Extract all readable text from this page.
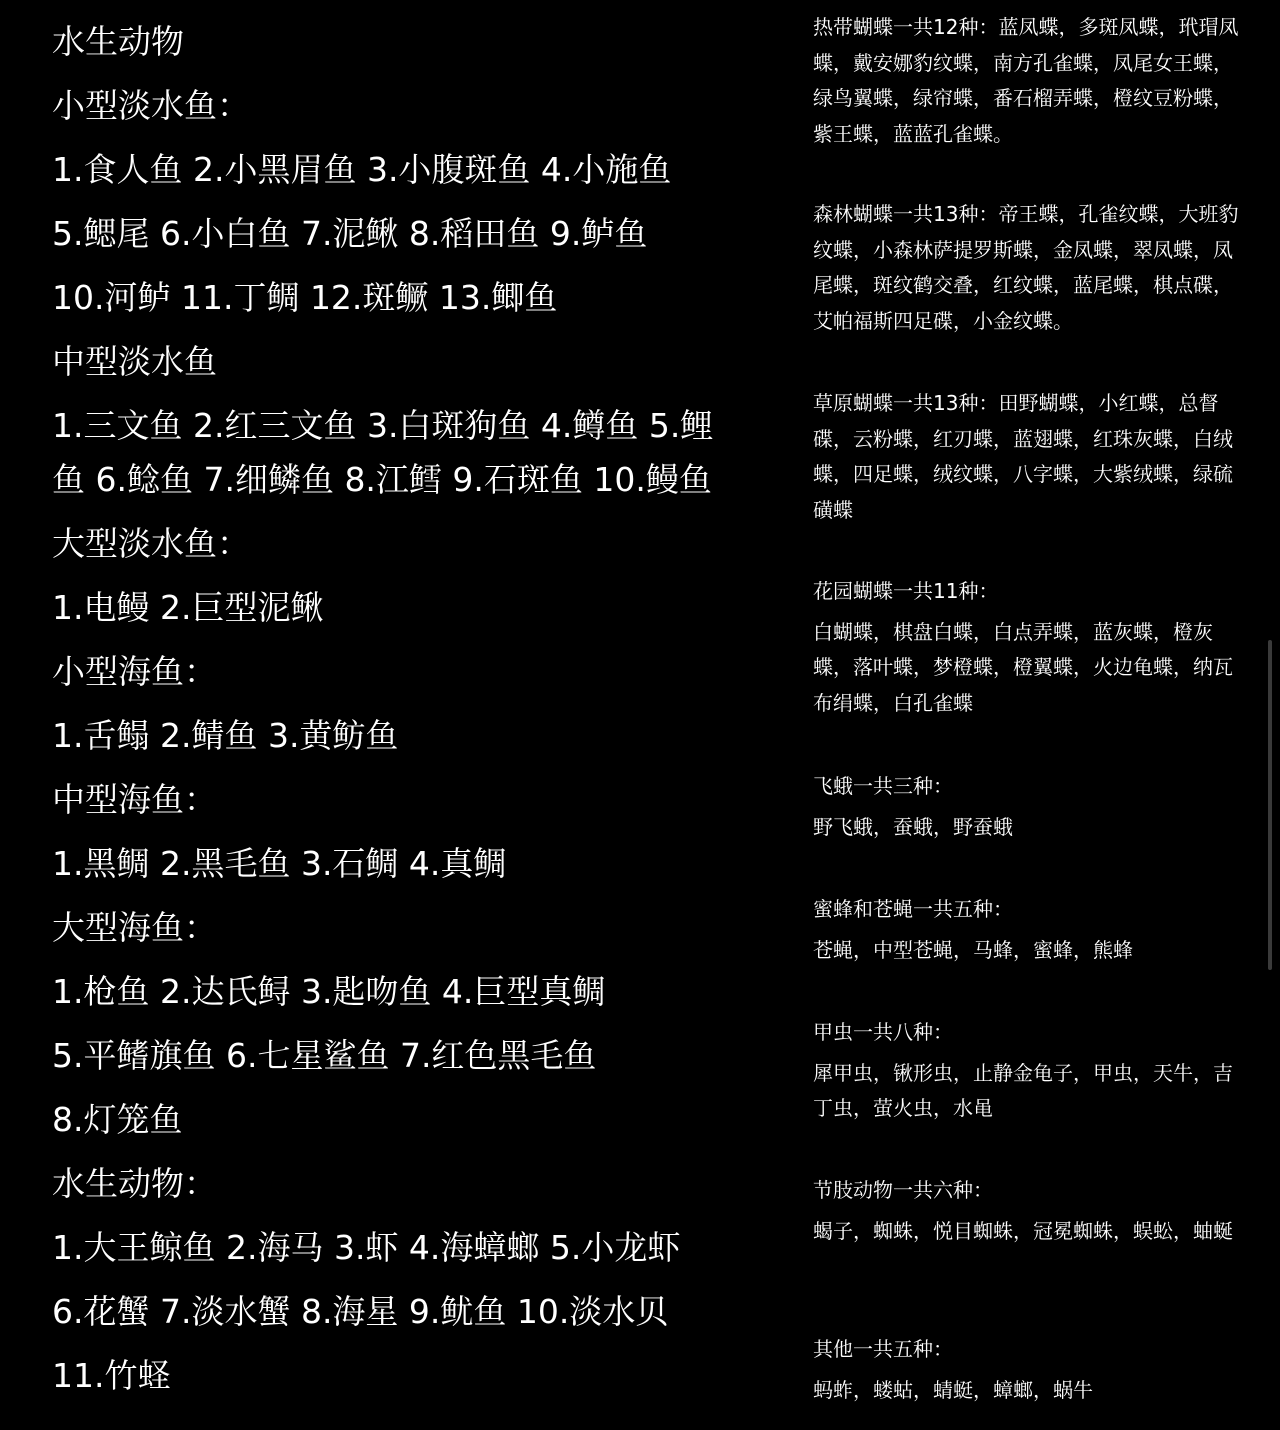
水生动物
小型淡水鱼：
1.食人鱼 2.小黑眉鱼 3.小腹斑鱼 4.小施鱼
5.鳃尾 6.小白鱼 7.泥鳅 8.稻田鱼 9.鲈鱼
10.河鲈 11.丁鲷 12.斑鳜 13.鲫鱼
中型淡水鱼
1.三文鱼 2.红三文鱼 3.白斑狗鱼 4.鳟鱼 5.鲤鱼 6.鲶鱼 7.细鳞鱼 8.江鳕 9.石斑鱼 10.鳗鱼
大型淡水鱼：
1.电鳗 2.巨型泥鳅
小型海鱼：
1.舌鳎 2.鲭鱼 3.黄鲂鱼
中型海鱼：
1.黑鲷 2.黑毛鱼 3.石鲷 4.真鲷
大型海鱼：
1.枪鱼 2.达氏鲟 3.匙吻鱼 4.巨型真鲷
5.平鳍旗鱼 6.七星鲨鱼 7.红色黑毛鱼
8.灯笼鱼
水生动物：
1.大王鲸鱼 2.海马 3.虾 4.海蟑螂 5.小龙虾
6.花蟹 7.淡水蟹 8.海星 9.鱿鱼 10.淡水贝
11.竹蛏
热带蝴蝶一共12种：蓝凤蝶，多斑凤蝶，玳瑁凤蝶，戴安娜豹纹蝶，南方孔雀蝶，凤尾女王蝶，绿鸟翼蝶，绿帘蝶，番石榴弄蝶，橙纹豆粉蝶，紫王蝶，蓝蓝孔雀蝶。
森林蝴蝶一共13种：帝王蝶，孔雀纹蝶，大班豹纹蝶，小森林萨提罗斯蝶，金凤蝶，翠凤蝶，凤尾蝶，斑纹鹤交叠，红纹蝶，蓝尾蝶，棋点碟，艾帕福斯四足碟，小金纹蝶。
草原蝴蝶一共13种：田野蝴蝶，小红蝶，总督碟，云粉蝶，红刃蝶，蓝翅蝶，红珠灰蝶，白绒蝶，四足蝶，绒纹蝶，八字蝶，大紫绒蝶，绿硫磺蝶
花园蝴蝶一共11种：
白蝴蝶，棋盘白蝶，白点弄蝶，蓝灰蝶，橙灰蝶，落叶蝶，梦橙蝶，橙翼蝶，火边龟蝶，纳瓦布绢蝶，白孔雀蝶
飞蛾一共三种：
野飞蛾，蚕蛾，野蚕蛾
蜜蜂和苍蝇一共五种：
苍蝇，中型苍蝇，马蜂，蜜蜂，熊蜂
甲虫一共八种：
犀甲虫，锹形虫，止静金龟子，甲虫，天牛，吉丁虫，萤火虫，水黾
节肢动物一共六种：
蝎子，蜘蛛，悦目蜘蛛，冠冕蜘蛛，蜈蚣，蚰蜒
其他一共五种：
蚂蚱，蝼蛄，蜻蜓，蟑螂，蜗牛
